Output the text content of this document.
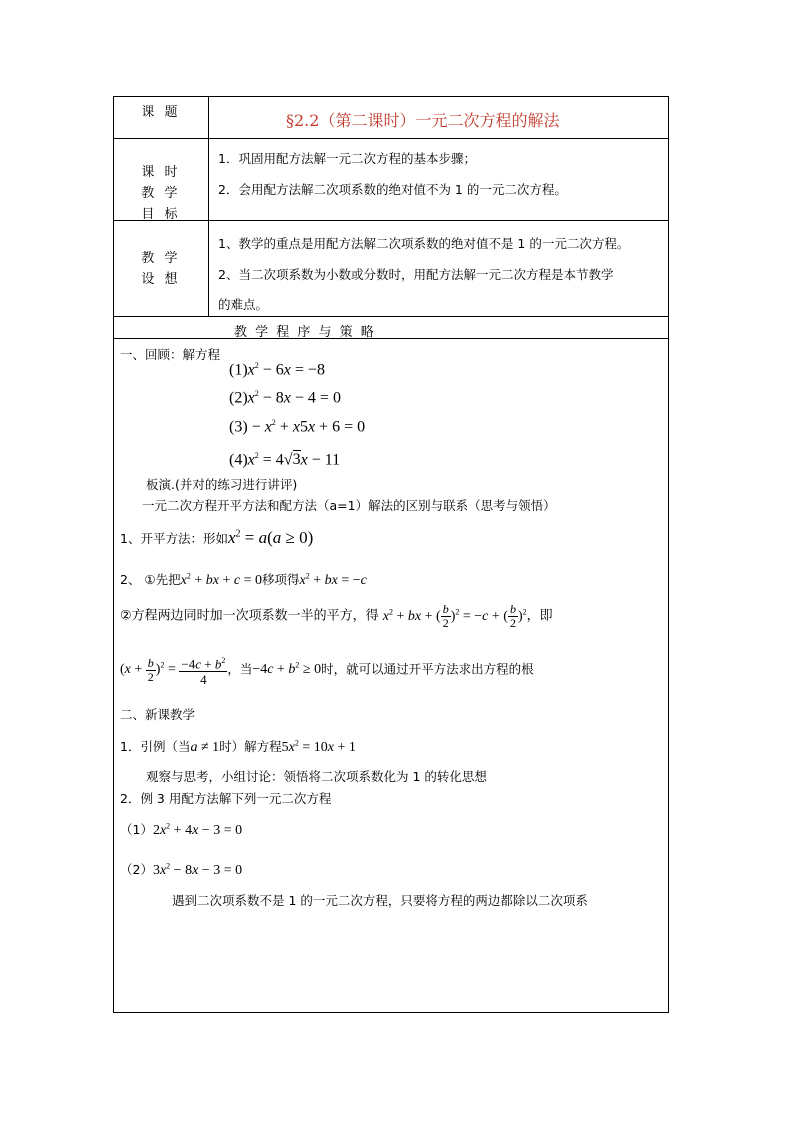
课 题	§2.2（第二课时）一元二次方程的解法
课 时
教 学
目 标
1．巩固用配方法解一元二次方程的基本步骤；
2．会用配方法解二次项系数的绝对值不为 1 的一元二次方程。
教 学
设 想
1、教学的重点是用配方法解二次项系数的绝对值不是 1 的一元二次方程。
2、当二次项系数为小数或分数时，用配方法解一元二次方程是本节教学
的难点。
教 学 程 序 与 策 略
一、回顾：解方程
$(1)x^2 - 6x = -8$
$(2)x^2 - 8x - 4 = 0$
$(3) - x^2 + x5x + 6 = 0$
$(4)x^2 = 4√3x - 11$
板演.(并对的练习进行讲评)
一元二次方程开平方法和配方法（a=1）解法的区别与联系（思考与领悟）
1、开平方法：形如$x^2 = a(a \ge 0)$
2、 ①先把$x^2$ + bx + c = 0移项得$x^2$ + bx = −c
②方程两边同时加一次项系数一半的平方，得 $x^2$ + bx + ( $\frac{b}{2} )^2 = -c$ + ( $\frac{b}{2} )^2$，即
$(x + \frac{b}{2} )^2 = \frac{-4c + b^2}{4}$ ，当$-4c + b^2 \ge 0$时，就可以通过开平方法求出方程的根
二、新课教学
1．引例（当a ≠ 1时）解方程$5x^2 = 10x + 1$
观察与思考，小组讨论：领悟将二次项系数化为 1 的转化思想
2．例 3 用配方法解下列一元二次方程
$(1)2x^2 + 4x - 3 = 0$
$(2)3x^2 - 8x - 3 = 0$
遇到二次项系数不是 1 的一元二次方程，只要将方程的两边都除以二次项系
